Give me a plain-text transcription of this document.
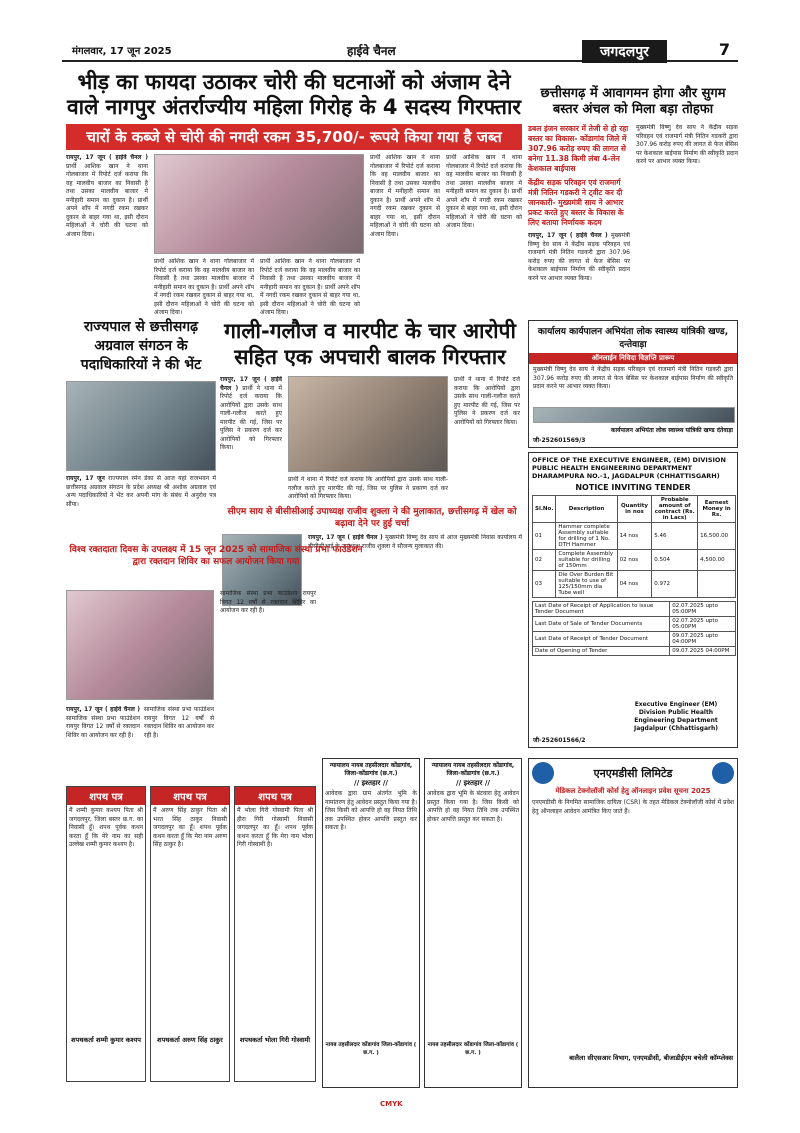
मंगलवार, 17 जून 2025	हाईवे चैनल	जगदलपुर	7
भीड़ का फायदा उठाकर चोरी की घटनाओं को अंजाम देने वाले नागपुर अंतर्राज्यीय महिला गिरोह के 4 सदस्य गिरफ्तार
चारों के कब्जे से चोरी की नगदी रकम 35,700/- रूपये किया गया है जब्त
रायपुर, 17 जून ( हाईवे चैनल ) प्रार्थी आशिक खान ने थाना गोलबाजार में रिपोर्ट दर्ज कराया कि वह मालवीय बाजार का निवासी है तथा उसका मालवीय बाजार में मनीहारी समान का दुकान है। प्रार्थी अपने शॉप में नगदी रकम रखकर दुकान से बाहर गया था, इसी दौरान महिलाओं ने चोरी की घटना को अंजाम दिया।
प्रार्थी आशिक खान ने थाना गोलबाजार में रिपोर्ट दर्ज कराया कि वह मालवीय बाजार का निवासी है तथा उसका मालवीय बाजार में मनीहारी समान का दुकान है। प्रार्थी अपने शॉप में नगदी रकम रखकर दुकान से बाहर गया था, इसी दौरान महिलाओं ने चोरी की घटना को अंजाम दिया।
प्रार्थी आशिक खान ने थाना गोलबाजार में रिपोर्ट दर्ज कराया कि वह मालवीय बाजार का निवासी है तथा उसका मालवीय बाजार में मनीहारी समान का दुकान है। प्रार्थी अपने शॉप में नगदी रकम रखकर दुकान से बाहर गया था, इसी दौरान महिलाओं ने चोरी की घटना को अंजाम दिया।
प्रार्थी आशिक खान ने थाना गोलबाजार में रिपोर्ट दर्ज कराया कि वह मालवीय बाजार का निवासी है तथा उसका मालवीय बाजार में मनीहारी समान का दुकान है। प्रार्थी अपने शॉप में नगदी रकम रखकर दुकान से बाहर गया था, इसी दौरान महिलाओं ने चोरी की घटना को अंजाम दिया।
प्रार्थी आशिक खान ने थाना गोलबाजार में रिपोर्ट दर्ज कराया कि वह मालवीय बाजार का निवासी है तथा उसका मालवीय बाजार में मनीहारी समान का दुकान है। प्रार्थी अपने शॉप में नगदी रकम रखकर दुकान से बाहर गया था, इसी दौरान महिलाओं ने चोरी की घटना को अंजाम दिया।
छत्तीसगढ़ में आवागमन होगा और सुगम बस्तर अंचल को मिला बड़ा तोहफा
डबल इंजन सरकार में तेजी से हो रहा बस्तर का विकास- कोंडागांव जिले में 307.96 करोड़ रुपए की लागत से बनेगा 11.38 किमी लंबा 4-लेन केशकाल बाईपास
केंद्रीय सड़क परिवहन एवं राजमार्ग मंत्री नितिन गडकरी ने ट्वीट कर दी जानकारी- मुख्यमंत्री साय ने आभार प्रकट करते हुए बस्तर के विकास के लिए बताया निर्णायक कदम
रायपुर, 17 जून ( हाईवे चैनल ) मुख्यमंत्री विष्णु देव साय ने केंद्रीय सड़क परिवहन एवं राजमार्ग मंत्री नितिन गडकरी द्वारा 307.96 करोड़ रुपए की लागत से फेज बेसिस पर केशकाल बाईपास निर्माण की स्वीकृति प्रदान करने पर आभार व्यक्त किया।
मुख्यमंत्री विष्णु देव साय ने केंद्रीय सड़क परिवहन एवं राजमार्ग मंत्री नितिन गडकरी द्वारा 307.96 करोड़ रुपए की लागत से फेज बेसिस पर केशकाल बाईपास निर्माण की स्वीकृति प्रदान करने पर आभार व्यक्त किया।
राज्यपाल से छत्तीसगढ़ अग्रवाल संगठन के पदाधिकारियों ने की भेंट
रायपुर, 17 जून राज्यपाल रमेन डेका से आज यहां राजभवन में छत्तीसगढ़ अग्रवाल संगठन के प्रदेश अध्यक्ष श्री अशोक अग्रवाल एवं अन्य पदाधिकारियों ने भेंट कर अपनी मांग के संबंध में अनुरोध पत्र सौंपा।
गाली-गलौज व मारपीट के चार आरोपी सहित एक अपचारी बालक गिरफ्तार
रायपुर, 17 जून ( हाईवे चैनल ) प्रार्थी ने थाना में रिपोर्ट दर्ज कराया कि आरोपियों द्वारा उसके साथ गाली-गलौज करते हुए मारपीट की गई, जिस पर पुलिस ने प्रकरण दर्ज कर आरोपियों को गिरफ्तार किया।
प्रार्थी ने थाना में रिपोर्ट दर्ज कराया कि आरोपियों द्वारा उसके साथ गाली-गलौज करते हुए मारपीट की गई, जिस पर पुलिस ने प्रकरण दर्ज कर आरोपियों को गिरफ्तार किया।
प्रार्थी ने थाना में रिपोर्ट दर्ज कराया कि आरोपियों द्वारा उसके साथ गाली-गलौज करते हुए मारपीट की गई, जिस पर पुलिस ने प्रकरण दर्ज कर आरोपियों को गिरफ्तार किया।
सीएम साय से बीसीसीआई उपाध्यक्ष राजीव शुक्ला ने की मुलाकात, छत्तीसगढ़ में खेल को बढ़ावा देने पर हुई चर्चा
रायपुर, 17 जून ( हाईवे चैनल ) मुख्यमंत्री विष्णु देव साय से आज मुख्यमंत्री निवास कार्यालय में बीसीसीआई के उपाध्यक्ष राजीव शुक्ला ने सौजन्य मुलाकात की।
विश्व रक्तदाता दिवस के उपलक्ष्य में 15 जून 2025 को सामाजिक संस्था प्रभा फाउंडेशन द्वारा रक्तदान शिविर का सफल आयोजन किया गया
रायपुर, 17 जून ( हाईवे चैनल ) सामाजिक संस्था प्रभा फाउंडेशन रायपुर विगत 12 वर्षों से रक्तदान शिविर का आयोजन कर रही है।
सामाजिक संस्था प्रभा फाउंडेशन रायपुर विगत 12 वर्षों से रक्तदान शिविर का आयोजन कर रही है।
सामाजिक संस्था प्रभा फाउंडेशन रायपुर विगत 12 वर्षों से रक्तदान शिविर का आयोजन कर रही है।
कार्यालय कार्यपालन अभियंता लोक स्वास्थ्य यांत्रिकी खण्ड, दन्तेवाड़ा
ऑनलाईन निविदा विज्ञप्ति प्रारूप
मुख्यमंत्री विष्णु देव साय ने केंद्रीय सड़क परिवहन एवं राजमार्ग मंत्री नितिन गडकरी द्वारा 307.96 करोड़ रुपए की लागत से फेज बेसिस पर केशकाल बाईपास निर्माण की स्वीकृति प्रदान करने पर आभार व्यक्त किया।
कार्यपालन अभियंता लोक स्वास्थ्य यांत्रिकी खण्ड दंतेवाड़ा
जी-252601569/3
OFFICE OF THE EXECUTIVE ENGINEER, (EM) DIVISION PUBLIC HEALTH ENGINEERING DEPARTMENT DHARAMPURA NO.-1, JAGDALPUR (CHHATTISGARH)
NOTICE INVITING TENDER
Sl.No.	Description	Quantity in nos	Probable amount of contract (Rs. in Lacs)	Earnest Money in Rs.
01	Hammer complete Assembly suitable for drilling of 1 No. DTH Hammer	14 nos	5.46	16,500.00
02	Complete Assembly suitable for drilling of 150mm	02 nos	0.504	4,500.00
03	Die Over Burden Bit suitable to use of 125/150mm dia Tube well	04 nos	0.972	
Last Date of Receipt of Application to issue Tender Document	02.07.2025 upto 05:00PM
Last Date of Sale of Tender Documents	02.07.2025 upto 05:00PM
Last Date of Receipt of Tender Document	09.07.2025 upto 04:00PM
Date of Opening of Tender	09.07.2025 04:00PM
Executive Engineer (EM) Division Public Health Engineering Department Jagdalpur (Chhattisgarh)
जी-252601566/2
शपथ पत्र
मैं शम्मी कुमार कश्यप पिता श्री जगदलपुर, जिला बस्तर छ.ग. का निवासी हूँ। शपथ पूर्वक कथन करता हूँ कि मेरे नाम का सही उल्लेख शम्मी कुमार कश्यप है।
शपथकर्ता शम्मी कुमार कश्यप
शपथ पत्र
मैं अरुण सिंह ठाकुर पिता श्री भरत सिंह ठाकुर निवासी जगदलपुर का हूँ। शपथ पूर्वक कथन करता हूँ कि मेरा नाम अरुण सिंह ठाकुर है।
शपथकर्ता अरुण सिंह ठाकुर
शपथ पत्र
मैं भोला गिरी गोस्वामी पिता श्री हीरा गिरी गोस्वामी निवासी जगदलपुर का हूँ। शपथ पूर्वक कथन करता हूँ कि मेरा नाम भोला गिरी गोस्वामी है।
शपथकर्ता भोला गिरी गोस्वामी
न्यायालय नायब तहसीलदार कोंडागांव, जिला-कोंडागांव (छ.ग.)
// इश्तहार //
आवेदक द्वारा ग्राम अंतर्गत भूमि के नामांतरण हेतु आवेदन प्रस्तुत किया गया है। जिस किसी को आपत्ति हो वह नियत तिथि तक उपस्थित होकर आपत्ति प्रस्तुत कर सकता है।
नायब तहसीलदार कोंडागांव जिला-कोंडागांव ( छ.ग. )
न्यायालय नायब तहसीलदार कोंडागांव, जिला-कोंडागांव (छ.ग.)
// इश्तहार //
आवेदक द्वारा भूमि के बंटवारा हेतु आवेदन प्रस्तुत किया गया है। जिस किसी को आपत्ति हो वह नियत तिथि तक उपस्थित होकर आपत्ति प्रस्तुत कर सकता है।
नायब तहसीलदार कोंडागांव जिला-कोंडागांव ( छ.ग. )
एनएमडीसी लिमिटेड
मेडिकल टेक्नोलॉजी कोर्स हेतु ऑनलाइन प्रवेश सूचना 2025
एनएमडीसी के निगमित सामाजिक दायित्व (CSR) के तहत मेडिकल टेक्नोलॉजी कोर्स में प्रवेश हेतु ऑनलाइन आवेदन आमंत्रित किए जाते हैं।
बालैला सीएसआर विभाग, एनएमडीसी, बीजाडीईएम बचेली कॉम्प्लेक्स
CMYK
